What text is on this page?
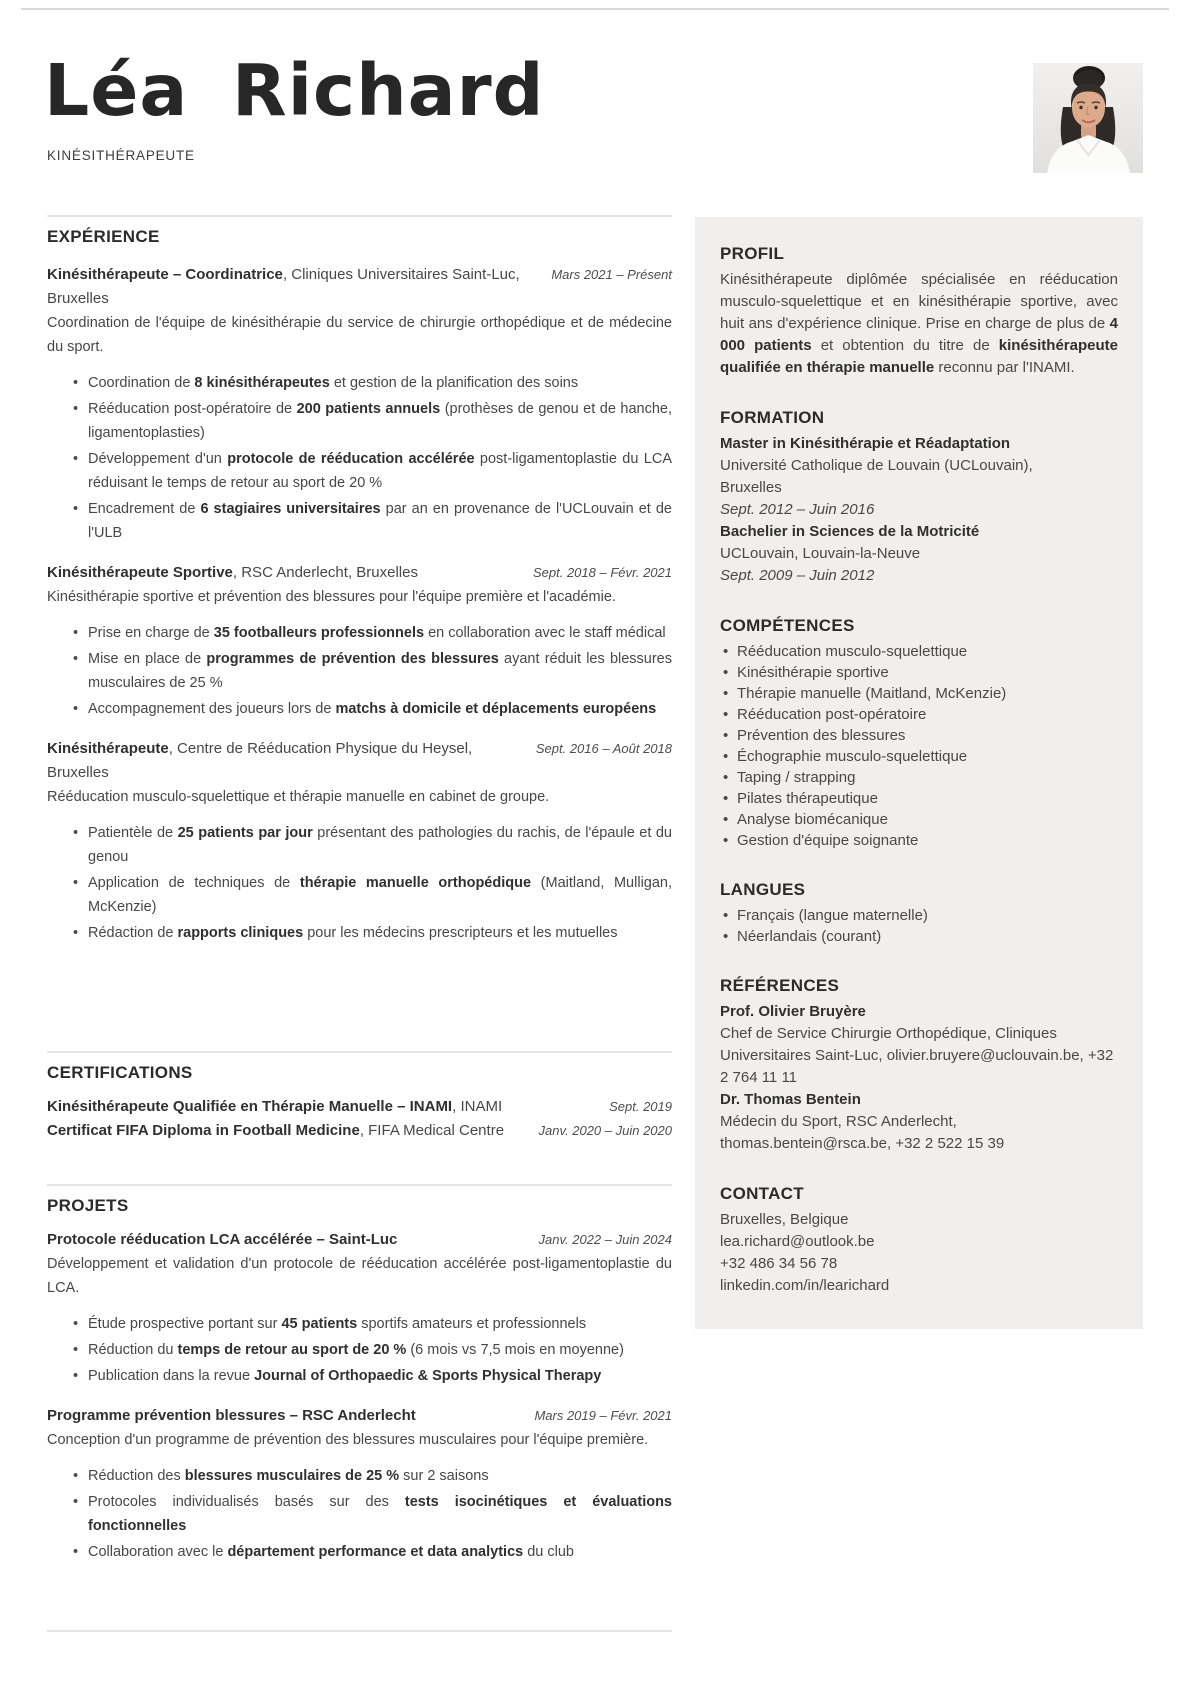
Léa Richard
KINÉSITHÉRAPEUTE
EXPÉRIENCE

Mars 2021 – Présent
Kinésithérapeute – Coordinatrice, Cliniques Universitaires Saint-Luc, Bruxelles

Coordination de l'équipe de kinésithérapie du service de chirurgie orthopédique et de médecine du sport.

• Coordination de 8 kinésithérapeutes et gestion de la planification des soins
• Rééducation post-opératoire de 200 patients annuels (prothèses de genou et de hanche, ligamentoplasties)
• Développement d'un protocole de rééducation accélérée post-ligamentoplastie du LCA réduisant le temps de retour au sport de 20 %
• Encadrement de 6 stagiaires universitaires par an en provenance de l'UCLouvain et de l'ULB

Sept. 2018 – Févr. 2021
Kinésithérapeute Sportive, RSC Anderlecht, Bruxelles

Kinésithérapie sportive et prévention des blessures pour l'équipe première et l'académie.

• Prise en charge de 35 footballeurs professionnels en collaboration avec le staff médical
• Mise en place de programmes de prévention des blessures ayant réduit les blessures musculaires de 25 %
• Accompagnement des joueurs lors de matchs à domicile et déplacements européens

Sept. 2016 – Août 2018
Kinésithérapeute, Centre de Rééducation Physique du Heysel, Bruxelles

Rééducation musculo-squelettique et thérapie manuelle en cabinet de groupe.

• Patientèle de 25 patients par jour présentant des pathologies du rachis, de l'épaule et du genou
• Application de techniques de thérapie manuelle orthopédique (Maitland, Mulligan, McKenzie)
• Rédaction de rapports cliniques pour les médecins prescripteurs et les mutuelles
CERTIFICATIONS

Sept. 2019
Kinésithérapeute Qualifiée en Thérapie Manuelle – INAMI, INAMI

Janv. 2020 – Juin 2020
Certificat FIFA Diploma in Football Medicine, FIFA Medical Centre

PROJETS

Janv. 2022 – Juin 2024
Protocole rééducation LCA accélérée – Saint-Luc

Développement et validation d'un protocole de rééducation accélérée post-ligamentoplastie du LCA.

• Étude prospective portant sur 45 patients sportifs amateurs et professionnels
• Réduction du temps de retour au sport de 20 % (6 mois vs 7,5 mois en moyenne)
• Publication dans la revue Journal of Orthopaedic & Sports Physical Therapy

Mars 2019 – Févr. 2021
Programme prévention blessures – RSC Anderlecht

Conception d'un programme de prévention des blessures musculaires pour l'équipe première.

• Réduction des blessures musculaires de 25 % sur 2 saisons
• Protocoles individualisés basés sur des tests isocinétiques et évaluations fonctionnelles
• Collaboration avec le département performance et data analytics du club
PROFIL
Kinésithérapeute diplômée spécialisée en rééducation musculo-squelettique et en kinésithérapie sportive, avec huit ans d'expérience clinique. Prise en charge de plus de 4 000 patients et obtention du titre de kinésithérapeute qualifiée en thérapie manuelle reconnu par l'INAMI.
FORMATION
Master in Kinésithérapie et Réadaptation
Université Catholique de Louvain (UCLouvain), Bruxelles
Sept. 2012 – Juin 2016
Bachelier in Sciences de la Motricité
UCLouvain, Louvain-la-Neuve
Sept. 2009 – Juin 2012
COMPÉTENCES
• Rééducation musculo-squelettique
• Kinésithérapie sportive
• Thérapie manuelle (Maitland, McKenzie)
• Rééducation post-opératoire
• Prévention des blessures
• Échographie musculo-squelettique
• Taping / strapping
• Pilates thérapeutique
• Analyse biomécanique
• Gestion d'équipe soignante
LANGUES
• Français (langue maternelle)
• Néerlandais (courant)
RÉFÉRENCES
Prof. Olivier Bruyère
Chef de Service Chirurgie Orthopédique, Cliniques Universitaires Saint-Luc, olivier.bruyere@uclouvain.be, +32 2 764 11 11
Dr. Thomas Bentein
Médecin du Sport, RSC Anderlecht, thomas.bentein@rsca.be, +32 2 522 15 39
CONTACT
Bruxelles, Belgique
lea.richard@outlook.be
+32 486 34 56 78
linkedin.com/in/learichard
